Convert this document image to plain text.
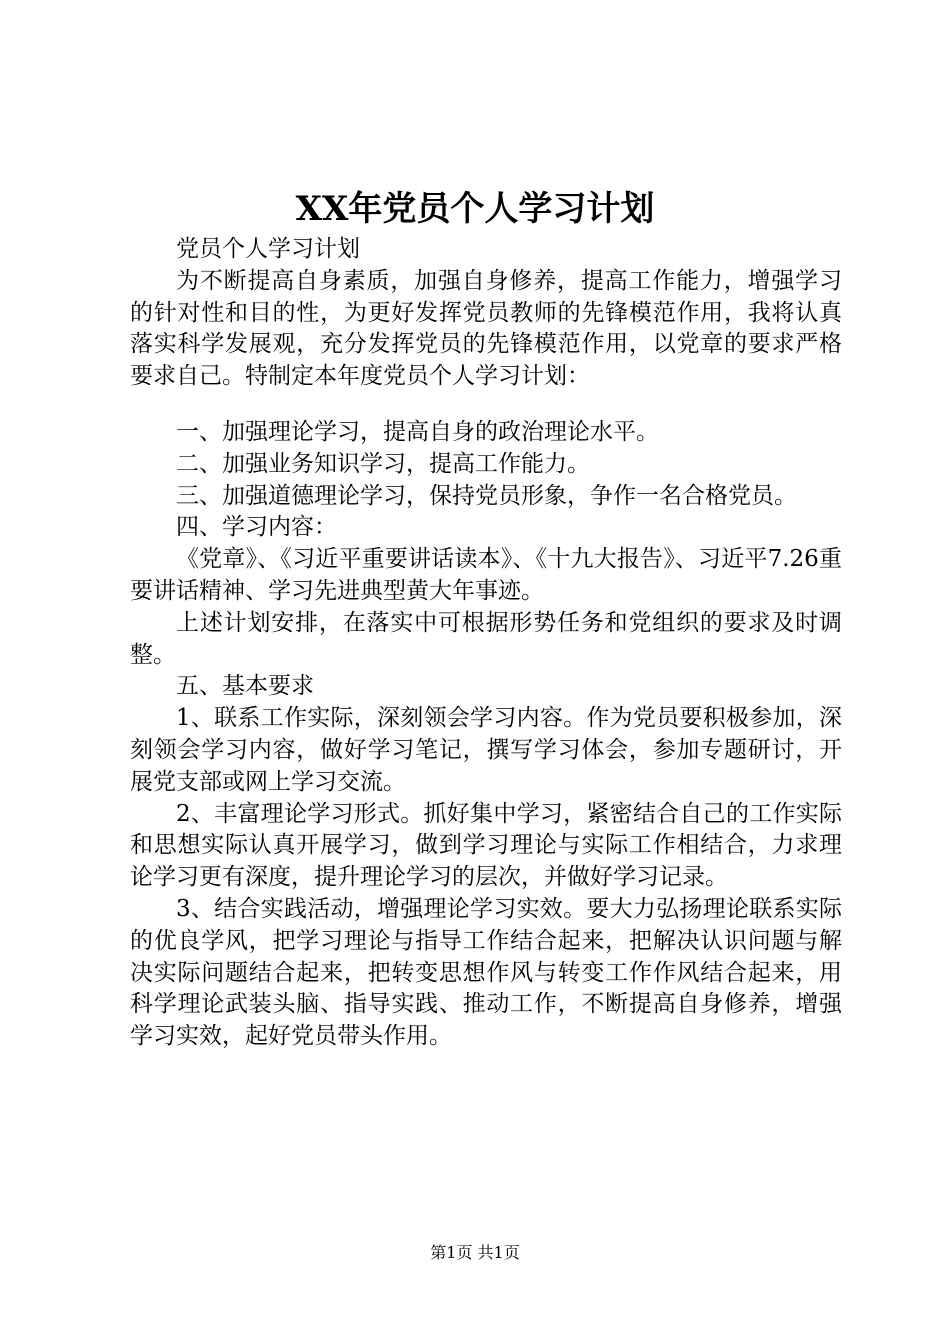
XX年党员个人学习计划

党员个人学习计划

为不断提高自身素质，加强自身修养，提高工作能力，增强学习的针对性和目的性，为更好发挥党员教师的先锋模范作用，我将认真落实科学发展观，充分发挥党员的先锋模范作用，以党章的要求严格要求自己。特制定本年度党员个人学习计划：

一、加强理论学习，提高自身的政治理论水平。

二、加强业务知识学习，提高工作能力。

三、加强道德理论学习，保持党员形象，争作一名合格党员。

四、学习内容：

《党章》、《习近平重要讲话读本》、《十九大报告》、习近平7.26重要讲话精神、学习先进典型黄大年事迹。

上述计划安排，在落实中可根据形势任务和党组织的要求及时调整。

五、基本要求

1、联系工作实际，深刻领会学习内容。作为党员要积极参加，深刻领会学习内容，做好学习笔记，撰写学习体会，参加专题研讨，开展党支部或网上学习交流。

2、丰富理论学习形式。抓好集中学习，紧密结合自己的工作实际和思想实际认真开展学习，做到学习理论与实际工作相结合，力求理论学习更有深度，提升理论学习的层次，并做好学习记录。

3、结合实践活动，增强理论学习实效。要大力弘扬理论联系实际的优良学风，把学习理论与指导工作结合起来，把解决认识问题与解决实际问题结合起来，把转变思想作风与转变工作作风结合起来，用科学理论武装头脑、指导实践、推动工作，不断提高自身修养，增强学习实效，起好党员带头作用。

第1页 共1页
